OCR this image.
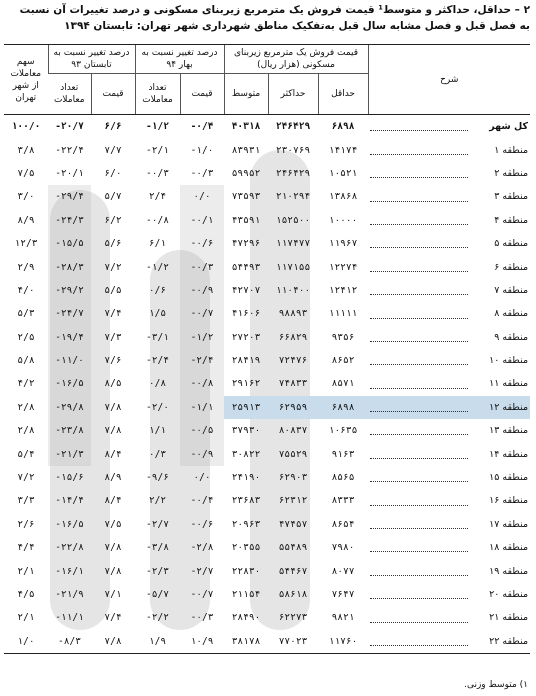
۲ – حداقل، حداکثر و متوسط¹ قیمت فروش یک مترمربع زیربنای مسکونی و درصد تغییرات آن نسبت به فصل قبل و فصل مشابه سال قبل به‌تفکیک مناطق شهرداری شهر تهران: تابستان ۱۳۹۴
سهم معاملات از شهر تهران	درصد تغییر نسبت به تابستان ۹۳		درصد تغییر نسبت به بهار ۹۴		قیمت فروش یک مترمربع زیربنای مسکونی (هزار ریال)			شرح
	تعداد معاملات	قیمت	تعداد معاملات	قیمت	متوسط	حداکثر	حداقل	
۱۰۰/۰	-۲۰/۷	۶/۶	-۱/۲	-۰/۴	۴۰۳۱۸	۲۴۶۴۲۹	۶۸۹۸	کل شهر
۳/۸	-۲۲/۴	۷/۷	-۲/۱	-۱/۰	۸۳۹۳۱	۲۳۰۷۶۹	۱۴۱۷۴	منطقه ۱
۷/۵	-۲۰/۱	۶/۰	-۰/۳	-۰/۳	۵۹۹۵۲	۲۴۶۴۲۹	۱۰۵۲۱	منطقه ۲
۳/۰	-۲۹/۴	۵/۷	۲/۴	۰/۰	۷۳۵۹۳	۲۱۰۲۹۴	۱۳۸۶۸	منطقه ۳
۸/۹	-۲۴/۳	۶/۲	-۰/۸	-۰/۱	۴۳۵۹۱	۱۵۲۵۰۰	۱۰۰۰۰	منطقه ۴
۱۲/۳	-۱۵/۵	۵/۶	۶/۱	-۰/۶	۴۷۲۹۶	۱۱۷۴۷۷	۱۱۹۶۷	منطقه ۵
۲/۹	-۲۸/۳	۷/۲	-۱/۲	-۰/۳	۵۴۴۹۳	۱۱۷۱۵۵	۱۲۲۷۴	منطقه ۶
۴/۰	-۲۹/۲	۵/۵	۰/۶	-۰/۹	۴۲۷۰۷	۱۱۰۴۰۰	۱۲۴۱۲	منطقه ۷
۵/۳	-۲۴/۷	۷/۴	۱/۵	-۰/۷	۴۱۶۰۶	۹۸۸۹۳	۱۱۱۱۱	منطقه ۸
۲/۵	-۱۹/۴	۷/۳	-۳/۱	-۱/۲	۲۷۲۰۳	۶۶۸۲۹	۹۳۵۶	منطقه ۹
۵/۸	-۱۱/۰	۷/۶	-۲/۴	-۲/۴	۲۸۴۱۹	۷۲۴۷۶	۸۶۵۲	منطقه ۱۰
۴/۲	-۱۶/۵	۸/۵	۰/۸	-۰/۸	۲۹۱۶۲	۷۴۸۳۳	۸۵۷۱	منطقه ۱۱
۲/۸	-۲۹/۸	۷/۸	-۲/۰	-۱/۱	۲۵۹۱۳	۶۲۹۵۹	۶۸۹۸	منطقه ۱۲
۲/۸	-۲۳/۸	۷/۸	۱/۱	-۰/۵	۳۷۹۳۰	۸۰۸۳۷	۱۰۶۳۵	منطقه ۱۳
۵/۴	-۲۱/۳	۸/۴	۰/۳	-۰/۹	۳۰۸۲۲	۷۵۵۲۹	۹۱۶۳	منطقه ۱۴
۷/۲	-۱۵/۶	۸/۹	-۹/۶	۰/۰	۲۴۱۹۰	۶۲۹۰۳	۸۵۶۵	منطقه ۱۵
۳/۳	-۱۴/۴	۸/۴	۲/۲	-۰/۴	۲۳۶۸۳	۶۲۳۱۲	۸۳۳۳	منطقه ۱۶
۲/۶	-۱۶/۵	۷/۵	-۲/۷	-۰/۶	۲۰۹۶۳	۴۷۴۵۷	۸۶۵۴	منطقه ۱۷
۴/۴	-۲۲/۸	۷/۸	-۳/۸	-۲/۸	۲۰۳۵۵	۵۵۴۸۹	۷۹۸۰	منطقه ۱۸
۲/۱	-۱۶/۱	۷/۸	-۲/۳	-۲/۷	۲۲۸۳۰	۵۴۴۶۷	۸۰۷۷	منطقه ۱۹
۴/۵	-۲۱/۹	۷/۱	-۵/۷	-۰/۷	۲۱۱۵۴	۵۸۶۱۸	۷۶۴۷	منطقه ۲۰
۲/۱	-۱۱/۱	۷/۴	-۲/۲	-۰/۳	۲۸۴۹۰	۶۲۲۷۳	۹۸۲۱	منطقه ۲۱
۱/۰	-۸/۳	۷/۸	۱/۹	۱۰/۹	۳۸۱۷۸	۷۷۰۲۳	۱۱۷۶۰	منطقه ۲۲
۱) متوسط وزنی.
